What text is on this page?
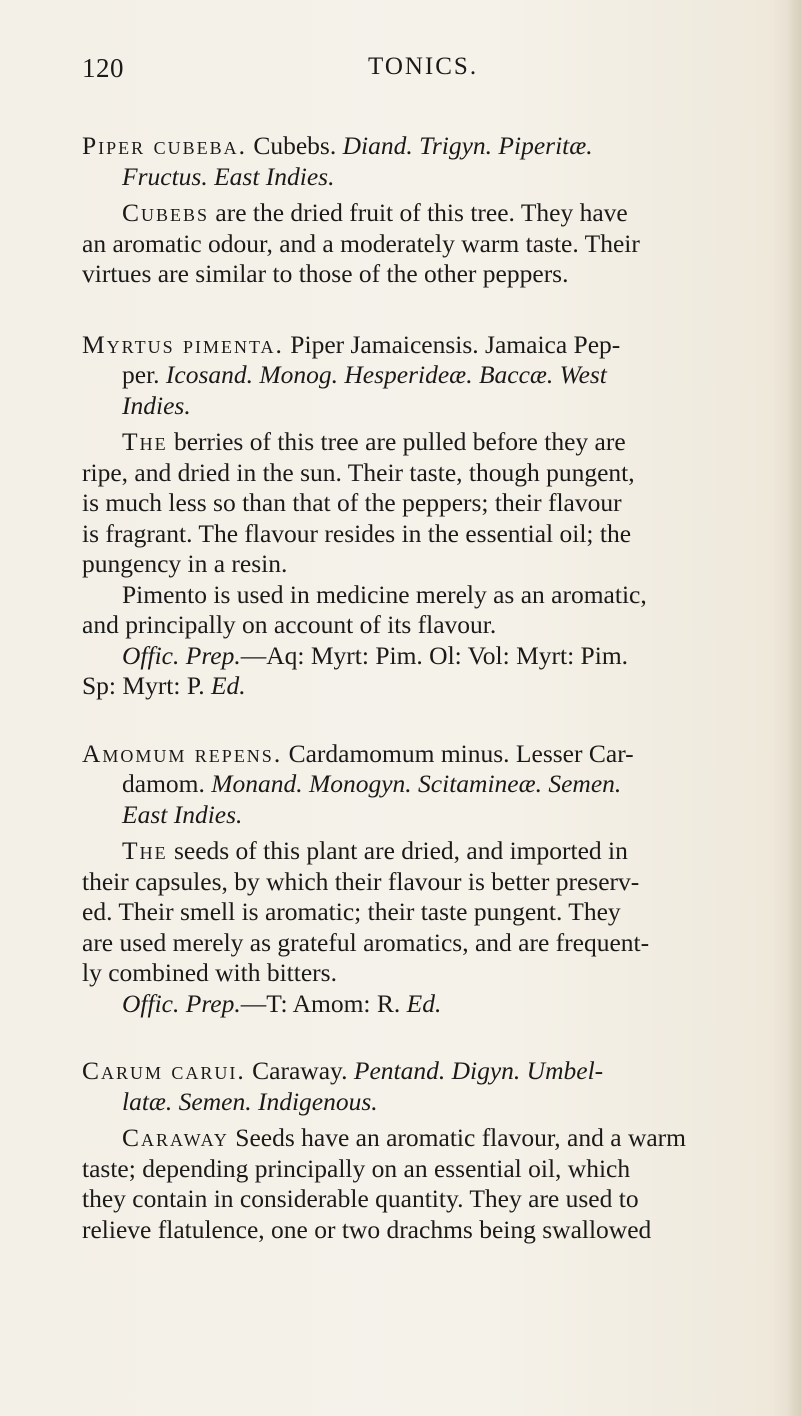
120	TONICS.
Piper cubeba. Cubebs. Diand. Trigyn. Piperitæ.
Fructus. East Indies.
Cubebs are the dried fruit of this tree. They have
an aromatic odour, and a moderately warm taste. Their
virtues are similar to those of the other peppers.
Myrtus pimenta. Piper Jamaicensis. Jamaica Pep-
per. Icosand. Monog. Hesperideæ. Baccæ. West
Indies.
The berries of this tree are pulled before they are
ripe, and dried in the sun. Their taste, though pungent,
is much less so than that of the peppers; their flavour
is fragrant. The flavour resides in the essential oil; the
pungency in a resin.
Pimento is used in medicine merely as an aromatic,
and principally on account of its flavour.
Offic. Prep.—Aq: Myrt: Pim. Ol: Vol: Myrt: Pim.
Sp: Myrt: P. Ed.
Amomum repens. Cardamomum minus. Lesser Car-
damom. Monand. Monogyn. Scitamineæ. Semen.
East Indies.
The seeds of this plant are dried, and imported in
their capsules, by which their flavour is better preserv-
ed. Their smell is aromatic; their taste pungent. They
are used merely as grateful aromatics, and are frequent-
ly combined with bitters.
Offic. Prep.—T: Amom: R. Ed.
Carum carui. Caraway. Pentand. Digyn. Umbel-
latæ. Semen. Indigenous.
Caraway Seeds have an aromatic flavour, and a warm
taste; depending principally on an essential oil, which
they contain in considerable quantity. They are used to
relieve flatulence, one or two drachms being swallowed
